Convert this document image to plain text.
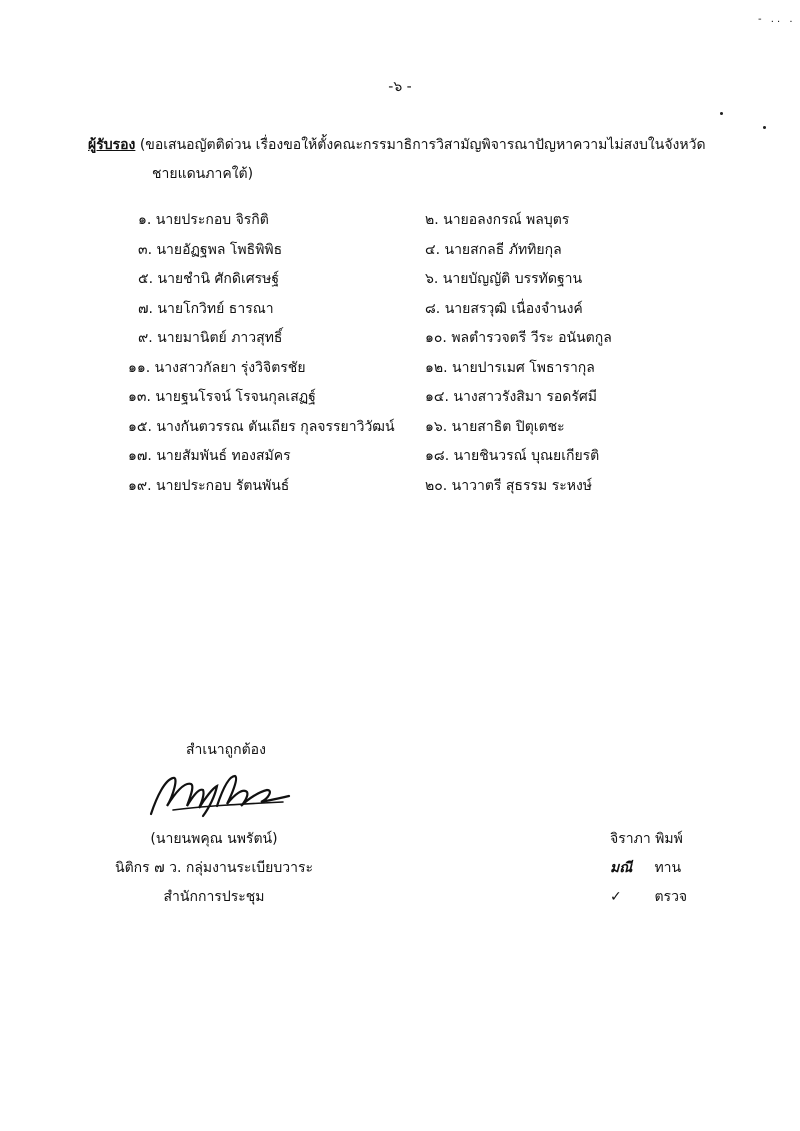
- .. .
-๖ -
ผู้รับรอง (ขอเสนอญัตติด่วน เรื่องขอให้ตั้งคณะกรรมาธิการวิสามัญพิจารณาปัญหาความไม่สงบในจังหวัด
ชายแดนภาคใต้)
๑. นายประกอบ จิรกิติ
๓. นายอัฏฐพล โพธิพิพิธ
๕. นายชำนิ ศักดิเศรษฐ์
๗. นายโกวิทย์ ธารณา
๙. นายมานิตย์ ภาวสุทธิ์
๑๑. นางสาวกัลยา รุ่งวิจิตรชัย
๑๓. นายฐนโรจน์ โรจนกุลเสฏฐ์
๑๕. นางกันตวรรณ ตันเถียร กุลจรรยาวิวัฒน์
๑๗. นายสัมพันธ์ ทองสมัคร
๑๙. นายประกอบ รัตนพันธ์
๒. นายอลงกรณ์ พลบุตร
๔. นายสกลธี ภัททิยกุล
๖. นายบัญญัติ บรรทัดฐาน
๘. นายสรวุฒิ เนื่องจำนงค์
๑๐. พลตำรวจตรี วีระ อนันตกูล
๑๒. นายปารเมศ โพธารากุล
๑๔. นางสาวรังสิมา รอดรัศมี
๑๖. นายสาธิต ปิตุเตชะ
๑๘. นายชินวรณ์ บุณยเกียรติ
๒๐. นาวาตรี สุธรรม ระหงษ์
สำเนาถูกต้อง
(นายนพคุณ นพรัตน์)
นิติกร ๗ ว. กลุ่มงานระเบียบวาระ
สำนักการประชุม
จิราภา พิมพ์
มณี ทาน
✓ ตรวจ
